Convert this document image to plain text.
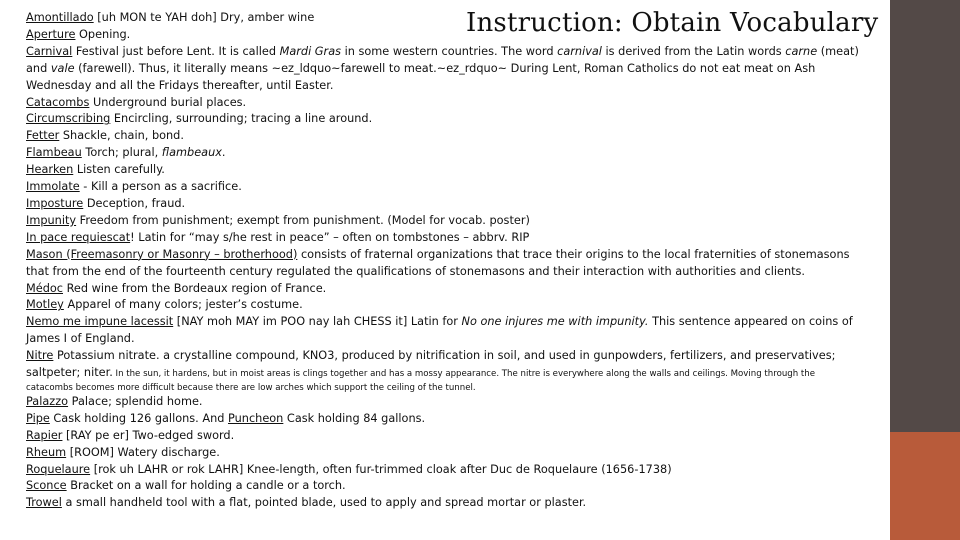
Instruction: Obtain Vocabulary

Amontillado [uh MON te YAH doh] Dry, amber wine

Aperture Opening.

Carnival Festival just before Lent. It is called Mardi Gras in some western countries. The word carnival is derived from the Latin words carne (meat) and vale (farewell). Thus, it literally means ~ez_ldquo~farewell to meat.~ez_rdquo~ During Lent, Roman Catholics do not eat meat on Ash Wednesday and all the Fridays thereafter, until Easter.

Catacombs Underground burial places.

Circumscribing Encircling, surrounding; tracing a line around.

Fetter Shackle, chain, bond.

Flambeau Torch; plural, flambeaux.

Hearken Listen carefully.

Immolate - Kill a person as a sacrifice.

Imposture Deception, fraud.

Impunity Freedom from punishment; exempt from punishment. (Model for vocab. poster)

In pace requiescat! Latin for “may s/he rest in peace” – often on tombstones – abbrv. RIP

Mason (Freemasonry or Masonry – brotherhood) consists of fraternal organizations that trace their origins to the local fraternities of stonemasons that from the end of the fourteenth century regulated the qualifications of stonemasons and their interaction with authorities and clients.

Médoc Red wine from the Bordeaux region of France.

Motley Apparel of many colors; jester’s costume.

Nemo me impune lacessit [NAY moh MAY im POO nay lah CHESS it] Latin for No one injures me with impunity. This sentence appeared on coins of James I of England.

Nitre Potassium nitrate. a crystalline compound, KNO3, produced by nitrification in soil, and used in gunpowders, fertilizers, and preservatives; saltpeter; niter. In the sun, it hardens, but in moist areas is clings together and has a mossy appearance. The nitre is everywhere along the walls and ceilings. Moving through the

catacombs becomes more difficult because there are low arches which support the ceiling of the tunnel.

Palazzo Palace; splendid home.

Pipe Cask holding 126 gallons. And Puncheon Cask holding 84 gallons.

Rapier [RAY pe er] Two-edged sword.

Rheum [ROOM] Watery discharge.

Roquelaure [rok uh LAHR or rok LAHR] Knee-length, often fur-trimmed cloak after Duc de Roquelaure (1656-1738)

Sconce Bracket on a wall for holding a candle or a torch.

Trowel a small handheld tool with a flat, pointed blade, used to apply and spread mortar or plaster.
